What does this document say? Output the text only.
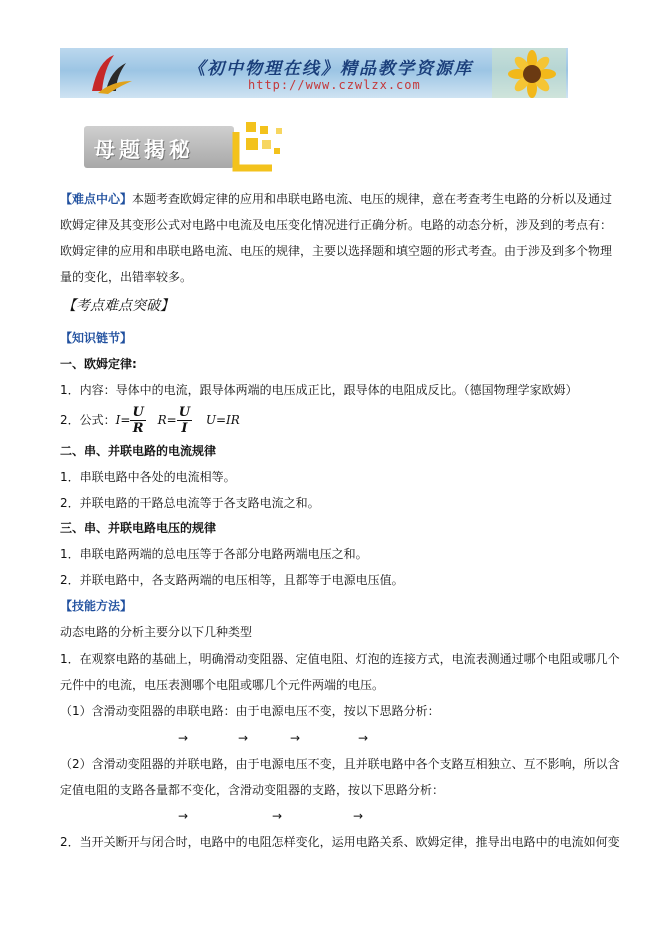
《初中物理在线》精品教学资源库
http://www.czwlzx.com
母题揭秘
【难点中心】本题考查欧姆定律的应用和串联电路电流、电压的规律，意在考查考生电路的分析以及通过
欧姆定律及其变形公式对电路中电流及电压变化情况进行正确分析。电路的动态分析，涉及到的考点有：
欧姆定律的应用和串联电路电流、电压的规律，主要以选择题和填空题的形式考查。由于涉及到多个物理
量的变化，出错率较多。
【考点难点突破】
【知识链节】
一、欧姆定律:
1．内容：导体中的电流，跟导体两端的电压成正比，跟导体的电阻成反比。（德国物理学家欧姆）
2．公式：$I= \frac{U}{R} R= \frac{U}{I} U=IR$
二、串、并联电路的电流规律
1．串联电路中各处的电流相等。
2．并联电路的干路总电流等于各支路电流之和。
三、串、并联电路电压的规律
1．串联电路两端的总电压等于各部分电路两端电压之和。
2．并联电路中，各支路两端的电压相等，且都等于电源电压值。
【技能方法】
动态电路的分析主要分以下几种类型
1．在观察电路的基础上，明确滑动变阻器、定值电阻、灯泡的连接方式，电流表测通过哪个电阻或哪几个
元件中的电流，电压表测哪个电阻或哪几个元件两端的电压。
（1）含滑动变阻器的串联电路：由于电源电压不变，按以下思路分析：
→	→	→	→
（2）含滑动变阻器的并联电路，由于电源电压不变，且并联电路中各个支路互相独立、互不影响，所以含
定值电阻的支路各量都不变化，含滑动变阻器的支路，按以下思路分析：
→	→	→
2．当开关断开与闭合时，电路中的电阻怎样变化，运用电路关系、欧姆定律，推导出电路中的电流如何变
